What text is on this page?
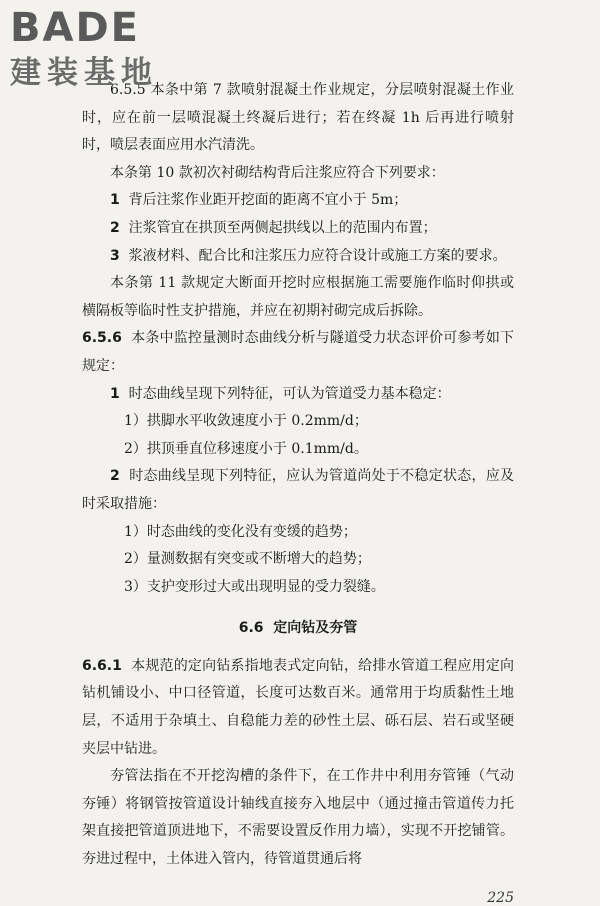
BADE
建装基地

6.5.5 本条中第 7 款喷射混凝土作业规定，分层喷射混凝土作业时，应在前一层喷混凝土终凝后进行；若在终凝 1h 后再进行喷射时，喷层表面应用水汽清洗。

本条第 10 款初次衬砌结构背后注浆应符合下列要求：

1 背后注浆作业距开挖面的距离不宜小于 5m；

2 注浆管宜在拱顶至两侧起拱线以上的范围内布置；

3 浆液材料、配合比和注浆压力应符合设计或施工方案的要求。

本条第 11 款规定大断面开挖时应根据施工需要施作临时仰拱或横隔板等临时性支护措施，并应在初期衬砌完成后拆除。

6.5.6 本条中监控量测时态曲线分析与隧道受力状态评价可参考如下规定：

1 时态曲线呈现下列特征，可认为管道受力基本稳定：

1）拱脚水平收敛速度小于 0.2mm/d；

2）拱顶垂直位移速度小于 0.1mm/d。

2 时态曲线呈现下列特征，应认为管道尚处于不稳定状态，应及时采取措施：

1）时态曲线的变化没有变缓的趋势；

2）量测数据有突变或不断增大的趋势；

3）支护变形过大或出现明显的受力裂缝。

6.6 定向钻及夯管

6.6.1 本规范的定向钻系指地表式定向钻，给排水管道工程应用定向钻机铺设小、中口径管道，长度可达数百米。通常用于均质黏性土地层，不适用于杂填土、自稳能力差的砂性土层、砾石层、岩石或坚硬夹层中钻进。

夯管法指在不开挖沟槽的条件下，在工作井中利用夯管锤（气动夯锤）将钢管按管道设计轴线直接夯入地层中（通过撞击管道传力托架直接把管道顶进地下，不需要设置反作用力墙），实现不开挖铺管。夯进过程中，土体进入管内，待管道贯通后将

225
